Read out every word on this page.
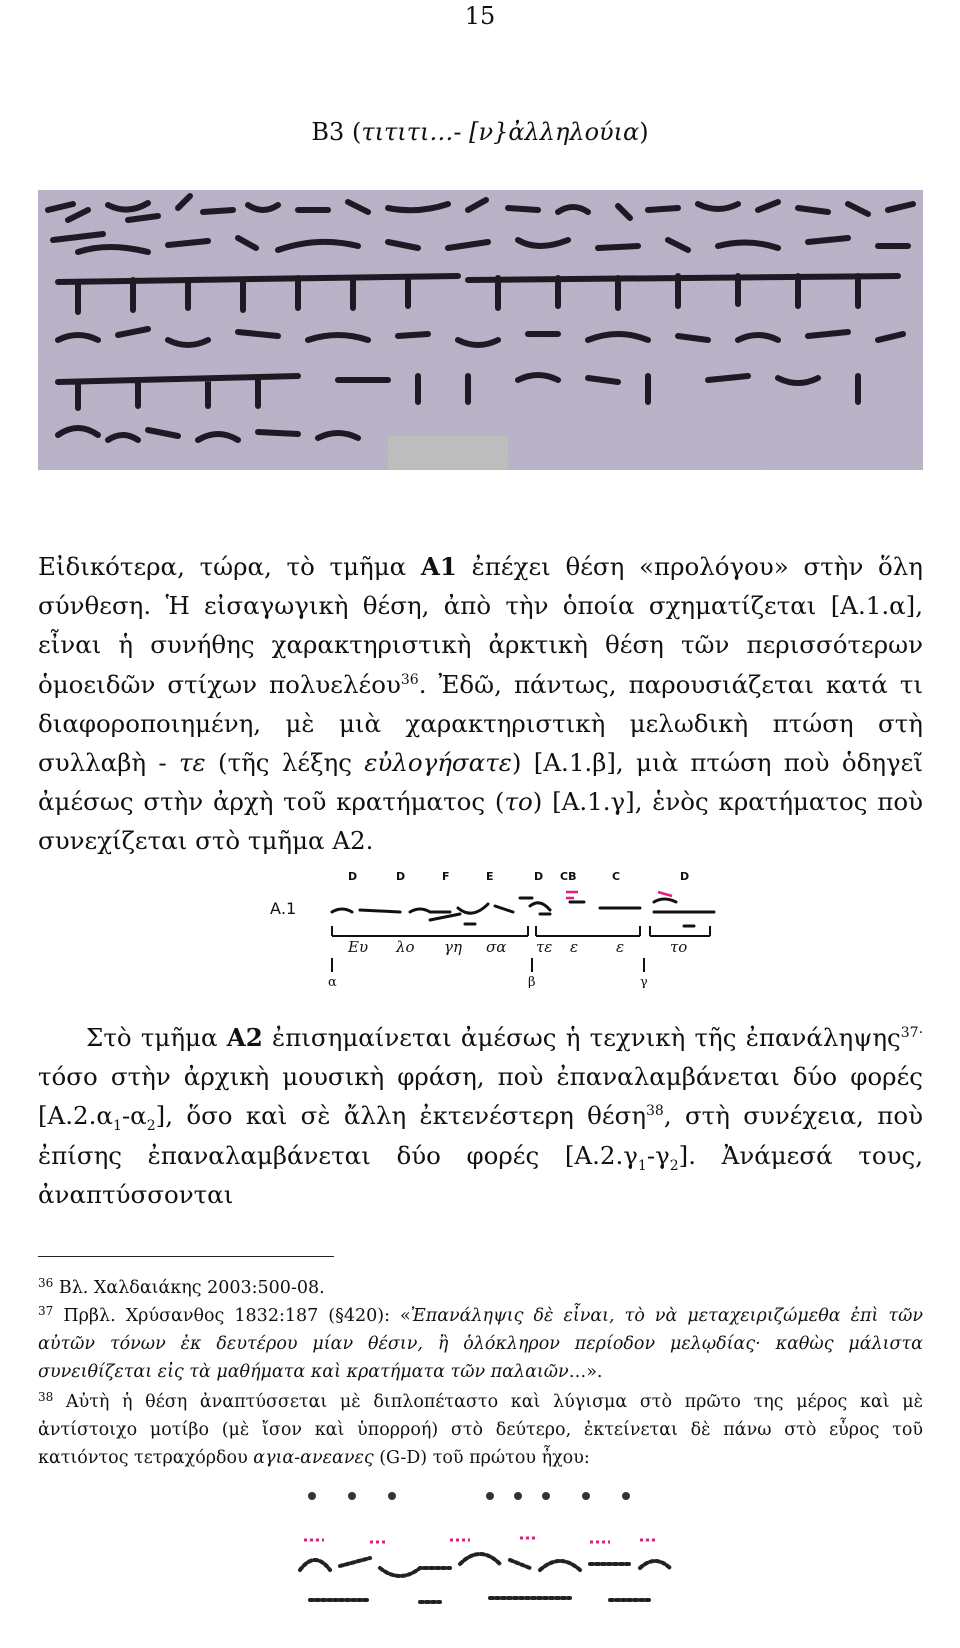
15
Β3 (τιτιτι…- [ν}ἀλληλούια)

Εἰδικότερα, τώρα, τὸ τμῆμα Α1 ἐπέχει θέση «προλόγου» στὴν ὅλη σύνθεση. Ἡ εἰσαγωγικὴ θέση, ἀπὸ τὴν ὁποία σχηματίζεται [Α.1.α], εἶναι ἡ συνήθης χαρακτηριστικὴ ἀρκτικὴ θέση τῶν περισσότερων ὁμοειδῶν στίχων πολυελέου$^{36}$. Ἐδῶ, πάντως, παρουσιάζεται κατά τι διαφοροποιημένη, μὲ μιὰ χαρακτηριστικὴ μελωδικὴ πτώση στὴ συλλαβὴ - τε (τῆς λέξης εὐλογήσατε) [Α.1.β], μιὰ πτώση ποὺ ὁδηγεῖ ἀμέσως στὴν ἀρχὴ τοῦ κρατήματος (το) [Α.1.γ], ἑνὸς κρατήματος ποὺ συνεχίζεται στὸ τμῆμα Α2.

D	D	F	E	D CB	C	D
Α.1
Ευ λο γη σα τε ε	ε	το
α	β	γ

Στὸ τμῆμα Α2 ἐπισημαίνεται ἀμέσως ἡ τεχνικὴ τῆς ἐπανάληψης$^{37\cdot}$ τόσο στὴν ἀρχικὴ μουσικὴ φράση, ποὺ ἐπαναλαμβάνεται δύο φορές $[A.2.\alpha_1-\alpha_2]$, ὅσο καὶ σὲ ἄλλη ἐκτενέστερη θέση$^{38}$, στὴ συνέχεια, ποὺ ἐπίσης ἐπαναλαμβάνεται δύο φορές $[A.2.\gamma_1-\gamma_2]$. Ἀνάμεσά τους, ἀναπτύσσονται

$^{36}$ Βλ. Χαλδαιάκης 2003:500-08.
$^{37}$ Πρβλ. Χρύσανθος 1832:187 (§420): «Ἐπανάληψις δὲ εἶναι, τὸ νὰ μεταχειριζώμεθα ἐπὶ τῶν αὐτῶν τόνων ἐκ δευτέρου μίαν θέσιν, ἢ ὁλόκληρον περίοδον μελῳδίας· καθὼς μάλιστα συνειθίζεται εἰς τὰ μαθήματα καὶ κρατήματα τῶν παλαιῶν…».
$^{38}$ Αὐτὴ ἡ θέση ἀναπτύσσεται μὲ διπλοπέταστο καὶ λύγισμα στὸ πρῶτο της μέρος καὶ μὲ ἀντίστοιχο μοτίβο (μὲ ἴσον καὶ ὑπορροή) στὸ δεύτερο, ἐκτείνεται δὲ πάνω στὸ εὖρος τοῦ κατιόντος τετραχόρδου αγια-ανεανες (G-D) τοῦ πρώτου ἦχου:
